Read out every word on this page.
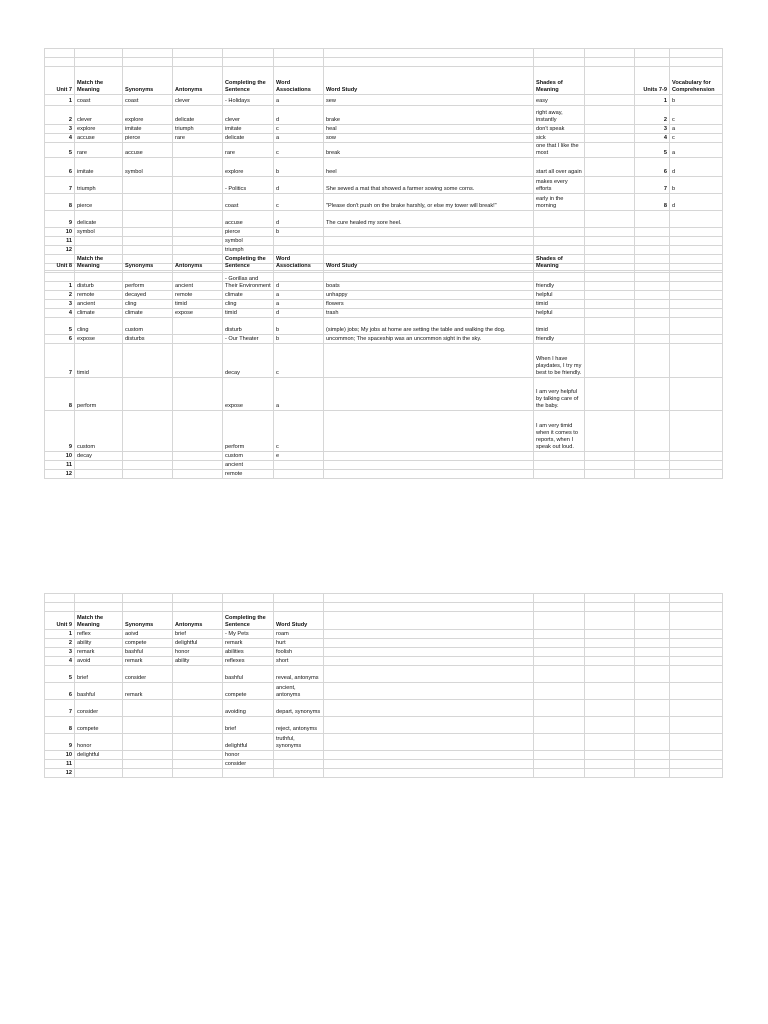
Unit 7	Match the Meaning	Synonyms	Antonyms	Completing the Sentence	Word Associations	Word Study	Shades of Meaning		Units 7-9	Vocabulary for Comprehension
1	coast	coast	clever	- Holidays	a	sew	easy		1	b
2	clever	explore	delicate	clever	d	brake	right away, instantly		2	c
3	explore	imitate	triumph	imitate	c	heal	don't speak		3	a
4	accuse	pierce	rare	delicate	a	sow	sick		4	c
5	rare	accuse		rare	c	break	one that I like the most		5	a
6	imitate	symbol		explore	b	heel	start all over again		6	d
7	triumph			- Politics	d	She sewed a mat that showed a farmer sowing some corns.	makes every efforts		7	b
8	pierce			coast	c	"Please don't push on the brake harshly, or else my tower will break!"	early in the morning		8	d
9	delicate			accuse	d	The cure healed my sore heel.				
10	symbol			pierce	b					
11				symbol						
12				triumph						

Unit 8	Match the Meaning	Synonyms	Antonyms	Completing the Sentence	Word Associations	Word Study	Shades of Meaning			
1	disturb	perform	ancient	- Gorillas and Their Environment	d	boats	friendly			
2	remote	decayed	remote	climate	a	unhappy	helpful			
3	ancient	cling	timid	cling	a	flowers	timid			
4	climate	climate	expose	timid	d	trash	helpful			
5	cling	custom		disturb	b	(simple) jobs; My jobs at home are setting the table and walking the dog.	timid			
6	expose	disturbs		- Our Theater	b	uncommon; The spaceship was an uncommon sight in the sky.	friendly			
7	timid			decay	c		When I have playdates, I try my best to be friendly.			
8	perform			expose	a		I am very helpful by talking care of the baby.			
9	custom			perform	c		I am very timid when it comes to reports, when I speak out loud.			
10	decay			custom	e					
11				ancient						
12				remote						

Unit 9	Match the Meaning	Synonyms	Antonyms	Completing the Sentence	Word Study					
1	reflex	aoivd	brief	- My Pets	roam					
2	ability	compete	delightful	remark	hurt					
3	remark	bashful	honor	abilities	foolish					
4	avoid	remark	ability	reflexes	short					
5	brief	consider		bashful	reveal, antonyms					
6	bashful	remark		compete	ancient, antonyms					
7	consider			avoiding	depart, synonyms					
8	compete			brief	reject, antonyms					
9	honor			delightful	truthful, synonyms					
10	delightful			honor						
11				consider						
12										
